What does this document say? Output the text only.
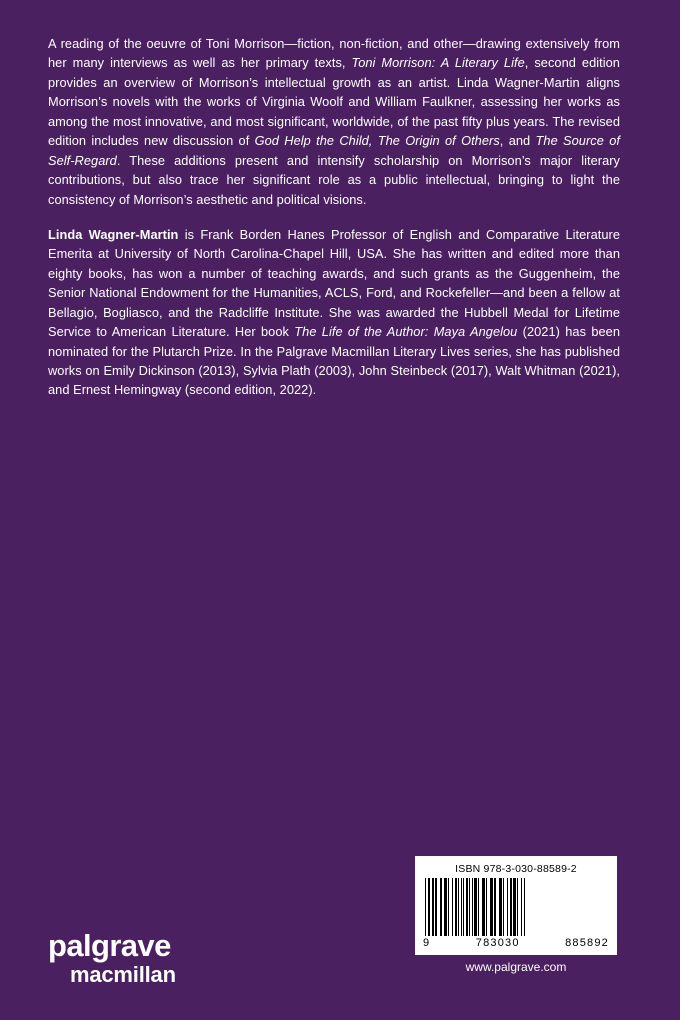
A reading of the oeuvre of Toni Morrison—fiction, non-fiction, and other—drawing extensively from her many interviews as well as her primary texts, Toni Morrison: A Literary Life, second edition provides an overview of Morrison’s intellectual growth as an artist. Linda Wagner-Martin aligns Morrison’s novels with the works of Virginia Woolf and William Faulkner, assessing her works as among the most innovative, and most significant, worldwide, of the past fifty plus years. The revised edition includes new discussion of God Help the Child, The Origin of Others, and The Source of Self-Regard. These additions present and intensify scholarship on Morrison’s major literary contributions, but also trace her significant role as a public intellectual, bringing to light the consistency of Morrison’s aesthetic and political visions.

Linda Wagner-Martin is Frank Borden Hanes Professor of English and Comparative Literature Emerita at University of North Carolina-Chapel Hill, USA. She has written and edited more than eighty books, has won a number of teaching awards, and such grants as the Guggenheim, the Senior National Endowment for the Humanities, ACLS, Ford, and Rockefeller—and been a fellow at Bellagio, Bogliasco, and the Radcliffe Institute. She was awarded the Hubbell Medal for Lifetime Service to American Literature. Her book The Life of the Author: Maya Angelou (2021) has been nominated for the Plutarch Prize. In the Palgrave Macmillan Literary Lives series, she has published works on Emily Dickinson (2013), Sylvia Plath (2003), John Steinbeck (2017), Walt Whitman (2021), and Ernest Hemingway (second edition, 2022).

palgrave
macmillan
ISBN 978-3-030-88589-2
9	783030	885892
www.palgrave.com
